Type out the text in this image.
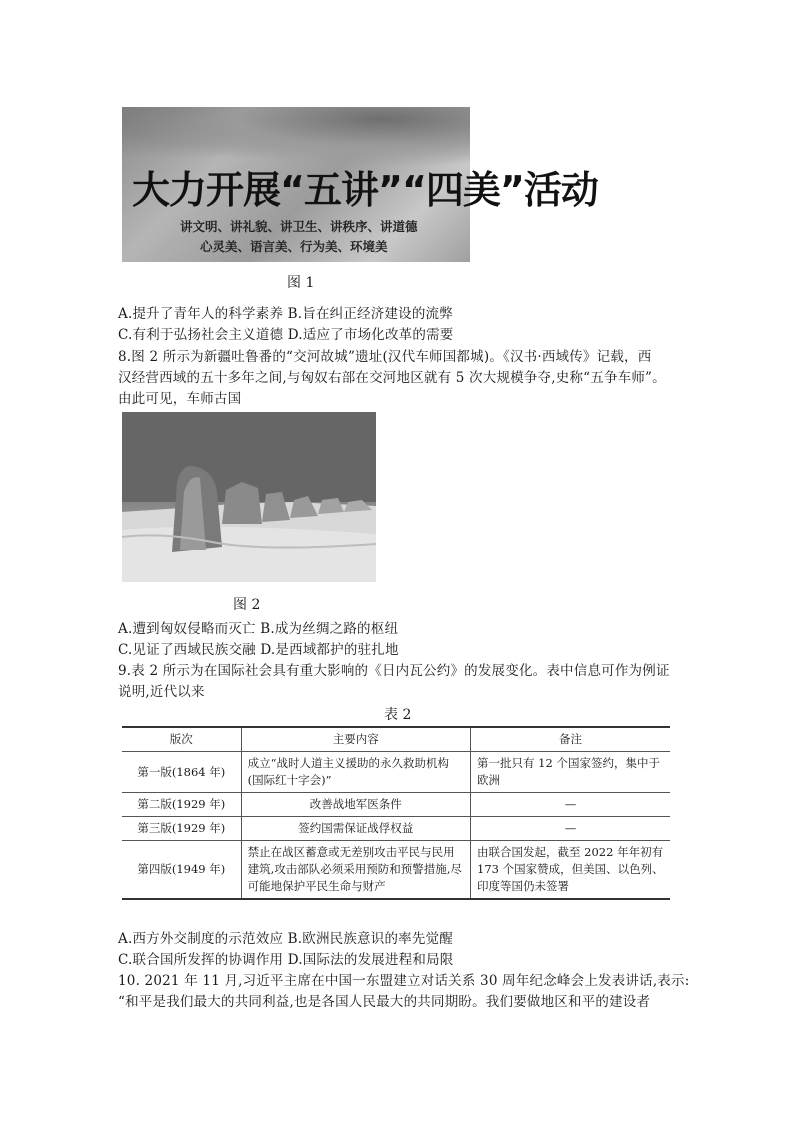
大力开展“五讲”“四美”活动
讲文明、讲礼貌、讲卫生、讲秩序、讲道德
心灵美、语言美、行为美、环境美
图 1
A.提升了青年人的科学素养 B.旨在纠正经济建设的流弊
C.有利于弘扬社会主义道德 D.适应了市场化改革的需要
8.图 2 所示为新疆吐鲁番的“交河故城”遗址(汉代车师国都城)。《汉书·西域传》记载，西
汉经营西域的五十多年之间,与匈奴右部在交河地区就有 5 次大规模争夺,史称“五争车师”。
由此可见，车师古国
图 2
A.遭到匈奴侵略而灭亡 B.成为丝绸之路的枢纽
C.见证了西域民族交融 D.是西域都护的驻扎地
9.表 2 所示为在国际社会具有重大影响的《日内瓦公约》的发展变化。表中信息可作为例证
说明,近代以来
表 2
版次	主要内容	备注
第一版(1864 年)	成立“战时人道主义援助的永久救助机构(国际红十字会)”	第一批只有 12 个国家签约，集中于欧洲
第二版(1929 年)	改善战地军医条件	—
第三版(1929 年)	签约国需保证战俘权益	—
第四版(1949 年)	禁止在战区蓄意或无差别攻击平民与民用建筑,攻击部队必须采用预防和预警措施,尽可能地保护平民生命与财产	由联合国发起，截至 2022 年年初有 173 个国家赞成，但美国、以色列、印度等国仍未签署
A.西方外交制度的示范效应 B.欧洲民族意识的率先觉醒
C.联合国所发挥的协调作用 D.国际法的发展进程和局限
10. 2021 年 11 月,习近平主席在中国一东盟建立对话关系 30 周年纪念峰会上发表讲话,表示:
“和平是我们最大的共同利益,也是各国人民最大的共同期盼。我们要做地区和平的建设者
